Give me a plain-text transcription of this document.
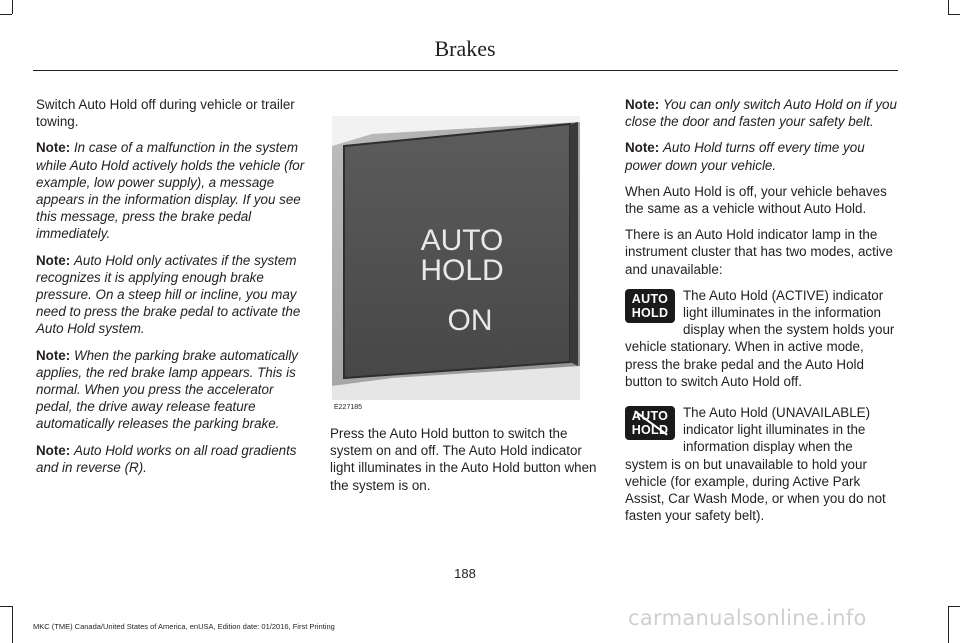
Brakes

Switch Auto Hold off during vehicle or trailer towing.

Note: In case of a malfunction in the system while Auto Hold actively holds the vehicle (for example, low power supply), a message appears in the information display. If you see this message, press the brake pedal immediately.

Note: Auto Hold only activates if the system recognizes it is applying enough brake pressure. On a steep hill or incline, you may need to press the brake pedal to activate the Auto Hold system.

Note: When the parking brake automatically applies, the red brake lamp appears. This is normal. When you press the accelerator pedal, the drive away release feature automatically releases the parking brake.

Note: Auto Hold works on all road gradients and in reverse (R).

AUTO
HOLD
ON
E227185

Press the Auto Hold button to switch the system on and off. The Auto Hold indicator light illuminates in the Auto Hold button when the system is on.

Note: You can only switch Auto Hold on if you close the door and fasten your safety belt.

Note: Auto Hold turns off every time you power down your vehicle.

When Auto Hold is off, your vehicle behaves the same as a vehicle without Auto Hold.

There is an Auto Hold indicator lamp in the instrument cluster that has two modes, active and unavailable:

AUTO
HOLD

The Auto Hold (ACTIVE) indicator light illuminates in the information display when the system holds your vehicle stationary. When in active mode, press the brake pedal and the Auto Hold button to switch Auto Hold off.

AUTO
HOLD

The Auto Hold (UNAVAILABLE) indicator light illuminates in the information display when the system is on but unavailable to hold your vehicle (for example, during Active Park Assist, Car Wash Mode, or when you do not fasten your safety belt).

188
MKC (TME) Canada/United States of America, enUSA, Edition date: 01/2016, First Printing	carmanualsonline.info
